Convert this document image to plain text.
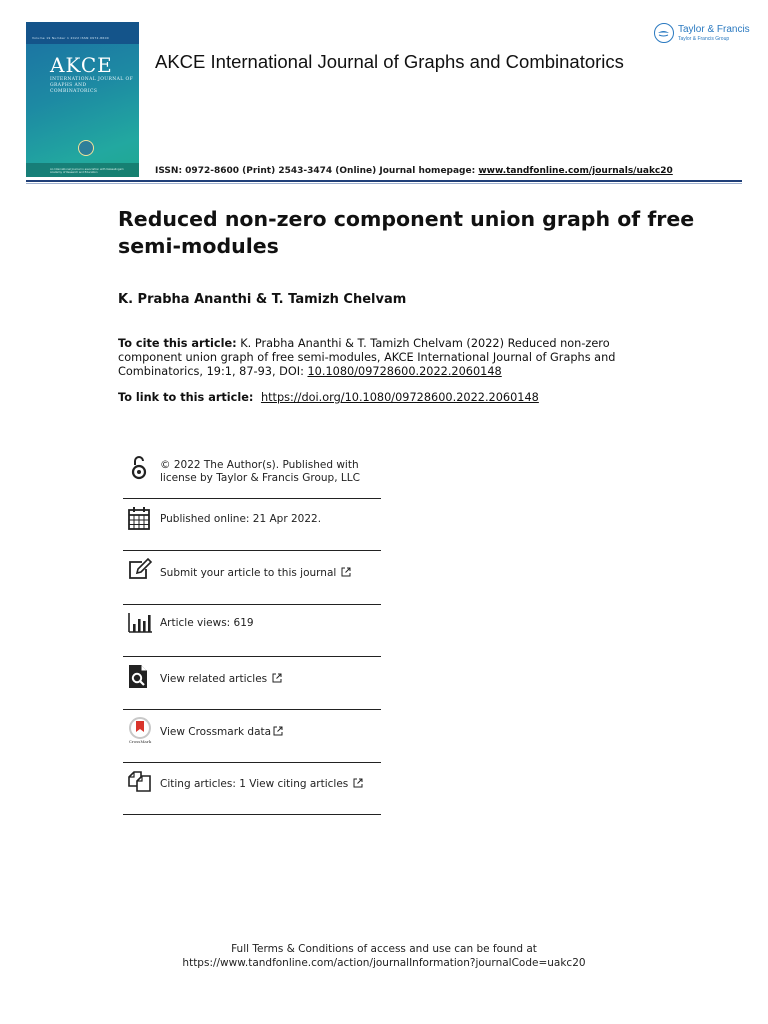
Volume 19 Number 1 2022 ISSN 0972-8600
AKCE
INTERNATIONAL JOURNAL OF GRAPHS AND COMBINATORICS
An International Journal in association with Kalasalingam Academy of Research and Education
AKCE International Journal of Graphs and Combinatorics
Taylor & Francis
Taylor & Francis Group
ISSN: 0972-8600 (Print) 2543-3474 (Online) Journal homepage: www.tandfonline.com/journals/uakc20
Reduced non-zero component union graph of free semi-modules
K. Prabha Ananthi & T. Tamizh Chelvam
To cite this article: K. Prabha Ananthi & T. Tamizh Chelvam (2022) Reduced non-zero component union graph of free semi-modules, AKCE International Journal of Graphs and Combinatorics, 19:1, 87-93, DOI: 10.1080/09728600.2022.2060148
To link to this article:  https://doi.org/10.1080/09728600.2022.2060148
© 2022 The Author(s). Published with
license by Taylor & Francis Group, LLC
Published online: 21 Apr 2022.
Submit your article to this journal
Article views: 619
View related articles
CrossMark
View Crossmark data
Citing articles: 1 View citing articles
Full Terms & Conditions of access and use can be found at
https://www.tandfonline.com/action/journalInformation?journalCode=uakc20
